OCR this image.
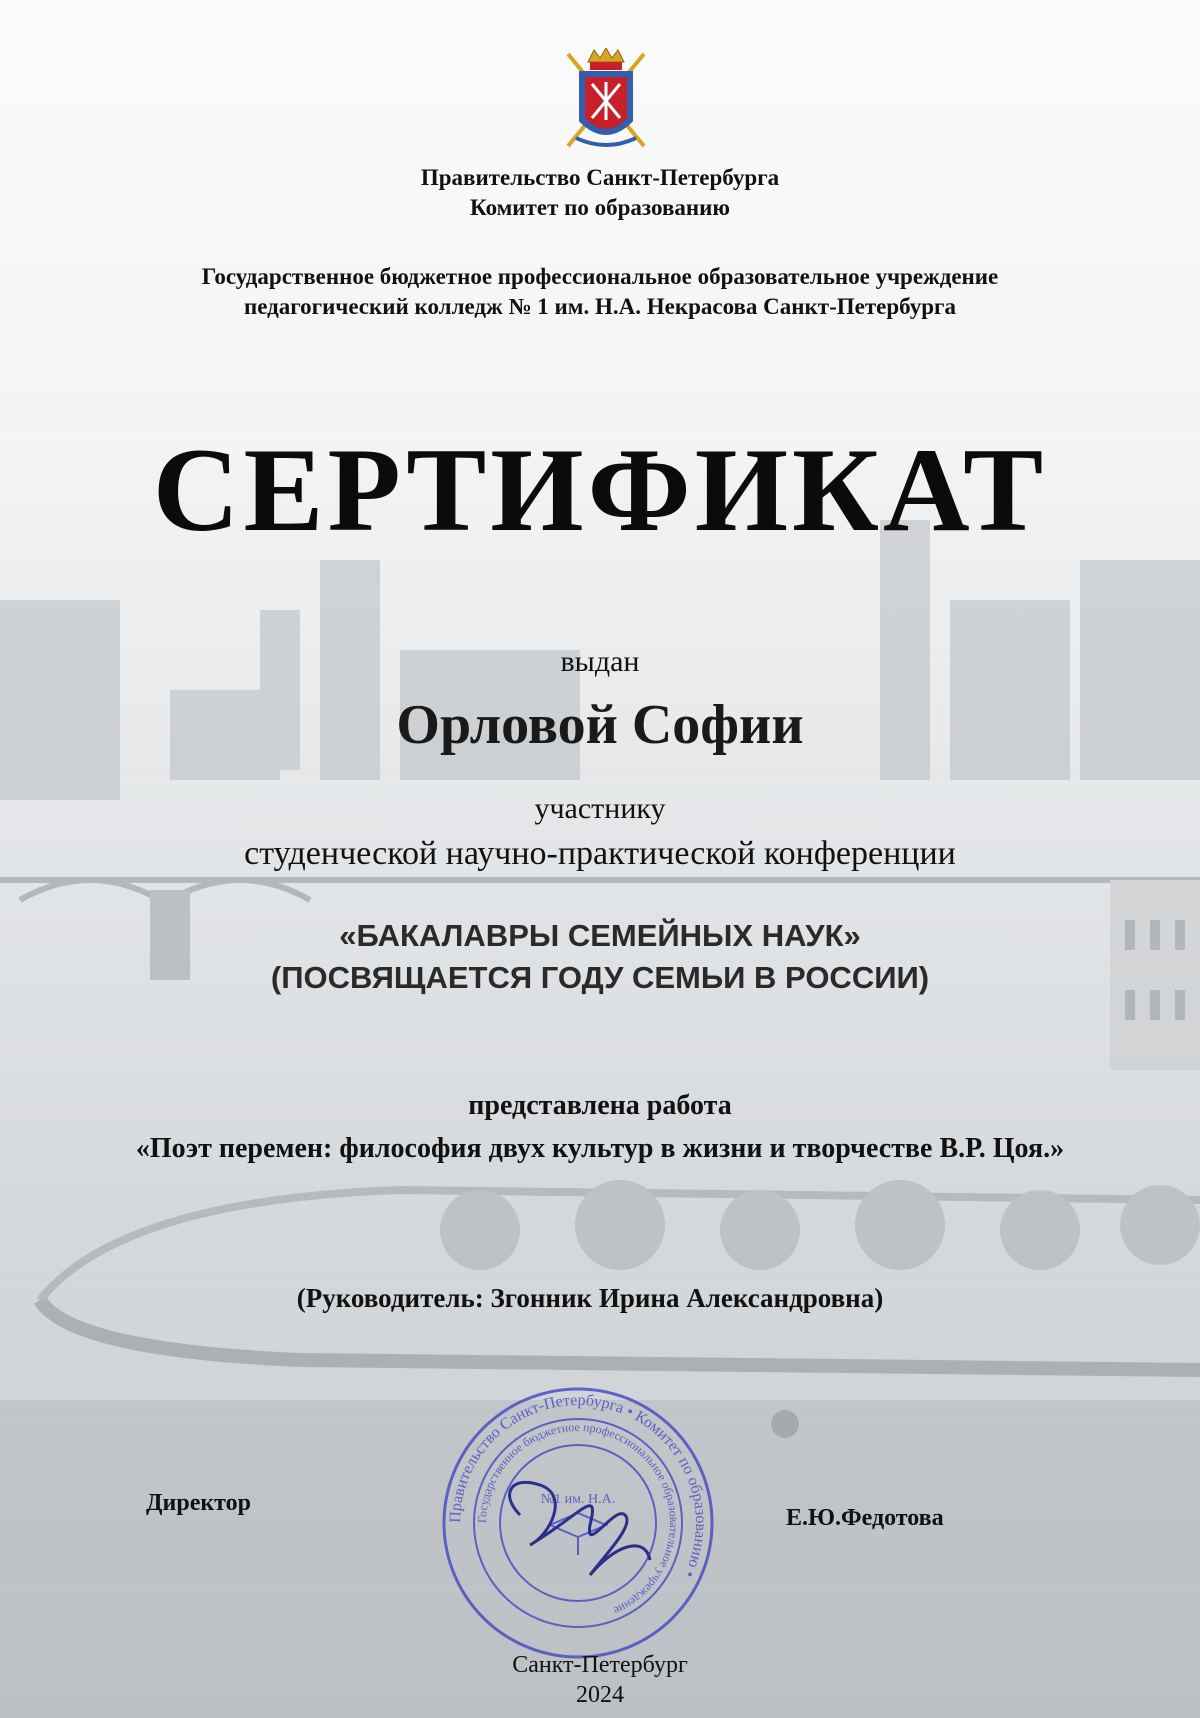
Правительство Санкт-Петербурга
Комитет по образованию
Государственное бюджетное профессиональное образовательное учреждение
педагогический колледж № 1 им. Н.А. Некрасова Санкт-Петербурга
СЕРТИФИКАТ
выдан
Орловой Софии
участнику
студенческой научно-практической конференции
«БАКАЛАВРЫ СЕМЕЙНЫХ НАУК»
(ПОСВЯЩАЕТСЯ ГОДУ СЕМЬИ В РОССИИ)
представлена работа
«Поэт перемен: философия двух культур в жизни и творчестве В.Р. Цоя.»
(Руководитель: Згонник Ирина Александровна)
Директор
Правительство Санкт-Петербурга • Комитет по образованию •
Государственное бюджетное профессиональное образовательное учреждение
№1 им. Н.А.
Е.Ю.Федотова
Санкт-Петербург
2024
